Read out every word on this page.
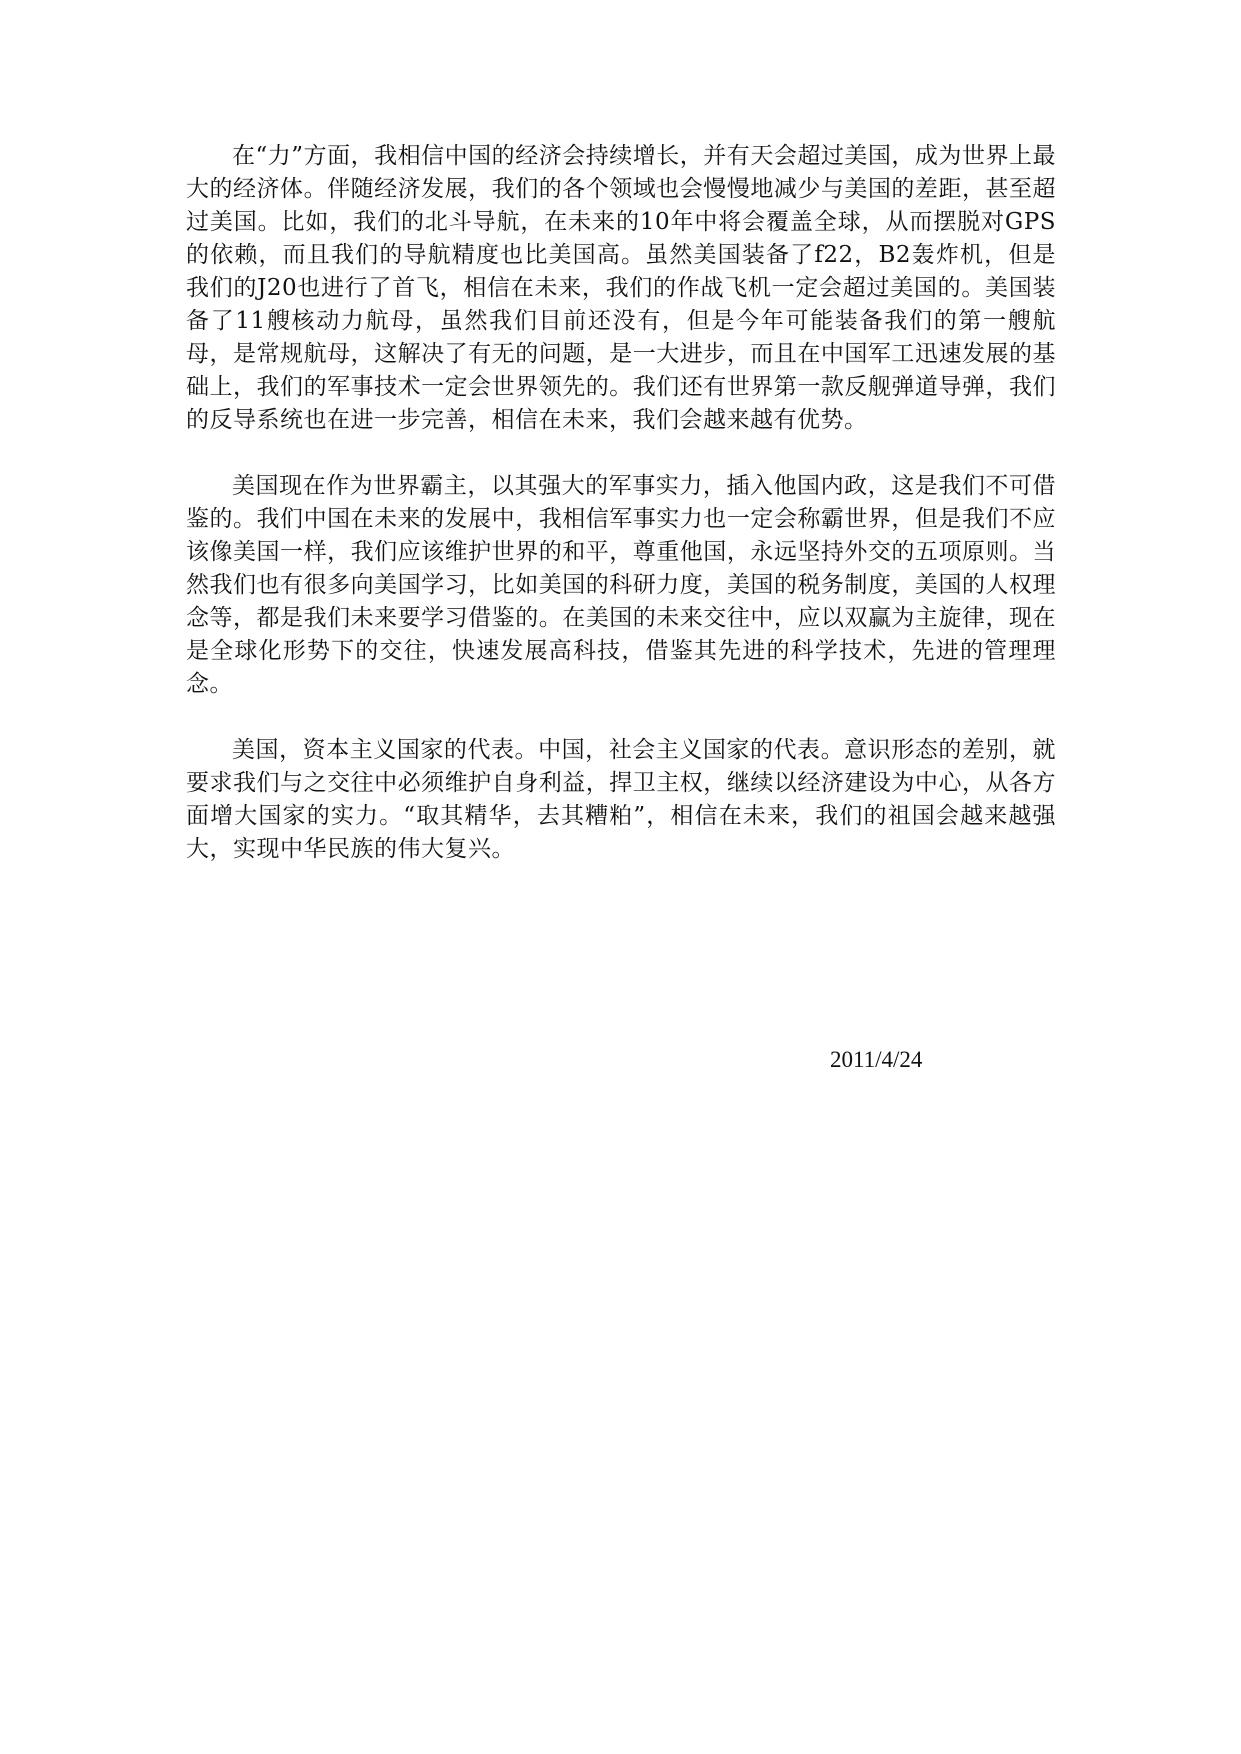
在“力”方面，我相信中国的经济会持续增长，并有天会超过美国，成为世界上最大的经济体。伴随经济发展，我们的各个领域也会慢慢地减少与美国的差距，甚至超过美国。比如，我们的北斗导航，在未来的10年中将会覆盖全球，从而摆脱对GPS的依赖，而且我们的导航精度也比美国高。虽然美国装备了f22，B2轰炸机，但是我们的J20也进行了首飞，相信在未来，我们的作战飞机一定会超过美国的。美国装备了11艘核动力航母，虽然我们目前还没有，但是今年可能装备我们的第一艘航母，是常规航母，这解决了有无的问题，是一大进步，而且在中国军工迅速发展的基础上，我们的军事技术一定会世界领先的。我们还有世界第一款反舰弹道导弹，我们的反导系统也在进一步完善，相信在未来，我们会越来越有优势。

美国现在作为世界霸主，以其强大的军事实力，插入他国内政，这是我们不可借鉴的。我们中国在未来的发展中，我相信军事实力也一定会称霸世界，但是我们不应该像美国一样，我们应该维护世界的和平，尊重他国，永远坚持外交的五项原则。当然我们也有很多向美国学习，比如美国的科研力度，美国的税务制度，美国的人权理念等，都是我们未来要学习借鉴的。在美国的未来交往中，应以双赢为主旋律，现在是全球化形势下的交往，快速发展高科技，借鉴其先进的科学技术，先进的管理理念。

美国，资本主义国家的代表。中国，社会主义国家的代表。意识形态的差别，就要求我们与之交往中必须维护自身利益，捍卫主权，继续以经济建设为中心，从各方面增大国家的实力。“取其精华，去其糟粕”，相信在未来，我们的祖国会越来越强大，实现中华民族的伟大复兴。

2011/4/24
